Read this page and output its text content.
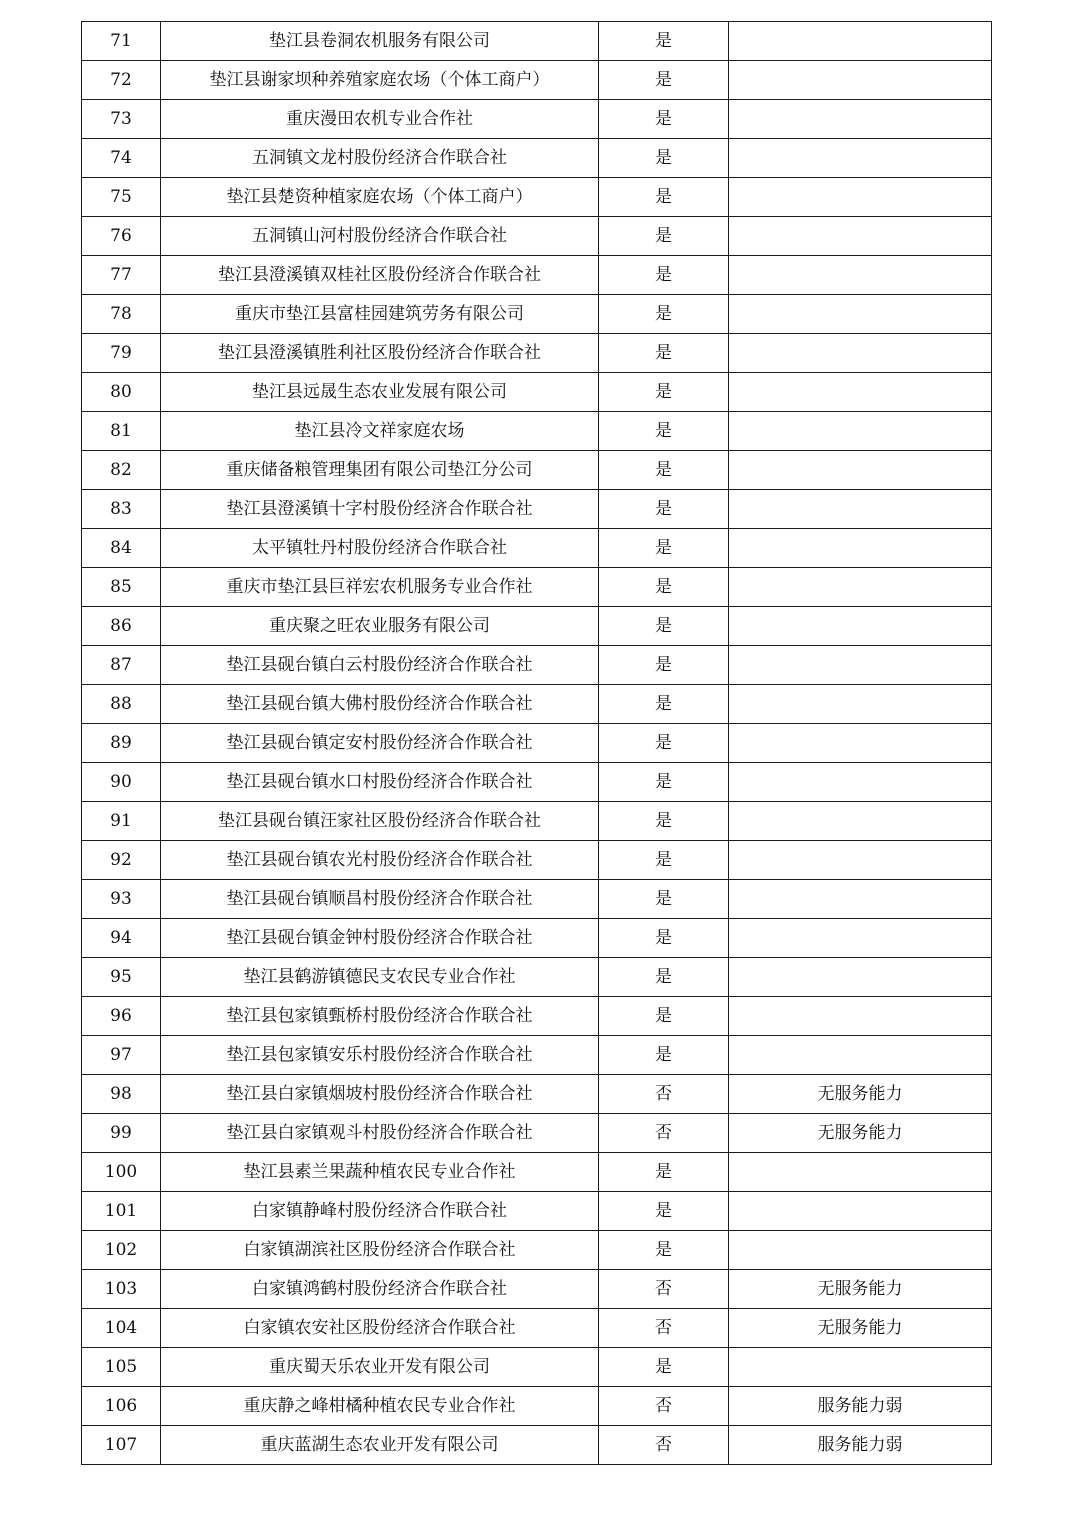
71	垫江县卷洞农机服务有限公司	是	
72	垫江县谢家坝种养殖家庭农场（个体工商户）	是	
73	重庆漫田农机专业合作社	是	
74	五洞镇文龙村股份经济合作联合社	是	
75	垫江县楚资种植家庭农场（个体工商户）	是	
76	五洞镇山河村股份经济合作联合社	是	
77	垫江县澄溪镇双桂社区股份经济合作联合社	是	
78	重庆市垫江县富桂园建筑劳务有限公司	是	
79	垫江县澄溪镇胜利社区股份经济合作联合社	是	
80	垫江县远晟生态农业发展有限公司	是	
81	垫江县冷文祥家庭农场	是	
82	重庆储备粮管理集团有限公司垫江分公司	是	
83	垫江县澄溪镇十字村股份经济合作联合社	是	
84	太平镇牡丹村股份经济合作联合社	是	
85	重庆市垫江县巨祥宏农机服务专业合作社	是	
86	重庆聚之旺农业服务有限公司	是	
87	垫江县砚台镇白云村股份经济合作联合社	是	
88	垫江县砚台镇大佛村股份经济合作联合社	是	
89	垫江县砚台镇定安村股份经济合作联合社	是	
90	垫江县砚台镇水口村股份经济合作联合社	是	
91	垫江县砚台镇汪家社区股份经济合作联合社	是	
92	垫江县砚台镇农光村股份经济合作联合社	是	
93	垫江县砚台镇顺昌村股份经济合作联合社	是	
94	垫江县砚台镇金钟村股份经济合作联合社	是	
95	垫江县鹤游镇德民支农民专业合作社	是	
96	垫江县包家镇甄桥村股份经济合作联合社	是	
97	垫江县包家镇安乐村股份经济合作联合社	是	
98	垫江县白家镇烟坡村股份经济合作联合社	否	无服务能力
99	垫江县白家镇观斗村股份经济合作联合社	否	无服务能力
100	垫江县素兰果蔬种植农民专业合作社	是	
101	白家镇静峰村股份经济合作联合社	是	
102	白家镇湖滨社区股份经济合作联合社	是	
103	白家镇鸿鹤村股份经济合作联合社	否	无服务能力
104	白家镇农安社区股份经济合作联合社	否	无服务能力
105	重庆蜀天乐农业开发有限公司	是	
106	重庆静之峰柑橘种植农民专业合作社	否	服务能力弱
107	重庆蓝湖生态农业开发有限公司	否	服务能力弱
